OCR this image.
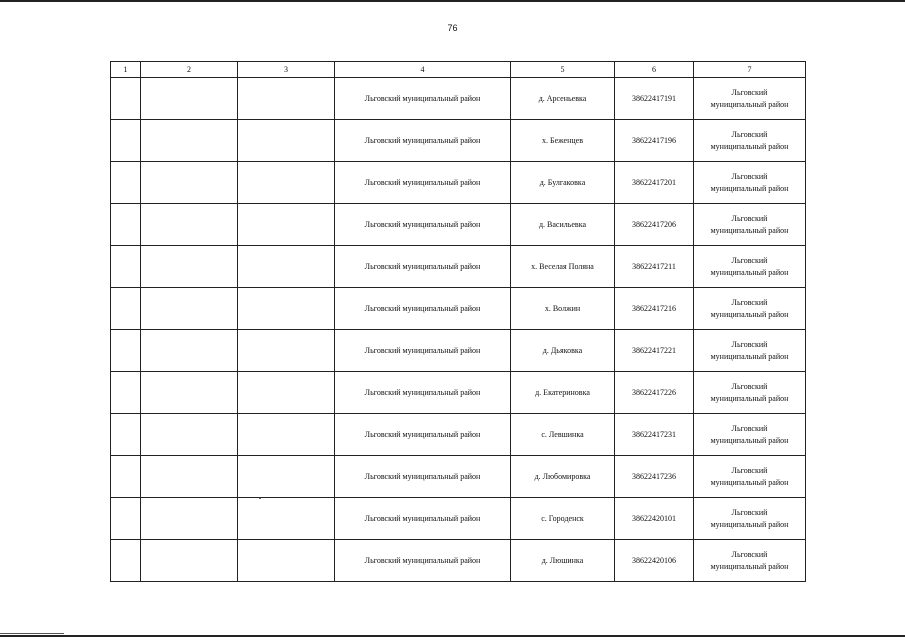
76
1	2	3	4	5	6	7
			Льговский муниципальный район	д. Арсеньевка	38622417191	Льговский
муниципальный район

			Льговский муниципальный район	х. Беженцев	38622417196	Льговский
муниципальный район

			Льговский муниципальный район	д. Булгаковка	38622417201	Льговский
муниципальный район

			Льговский муниципальный район	д. Васильевка	38622417206	Льговский
муниципальный район

			Льговский муниципальный район	х. Веселая Поляна	38622417211	Льговский
муниципальный район

			Льговский муниципальный район	х. Волжин	38622417216	Льговский
муниципальный район

			Льговский муниципальный район	д. Дьяковка	38622417221	Льговский
муниципальный район

			Льговский муниципальный район	д. Екатериновка	38622417226	Льговский
муниципальный район

			Льговский муниципальный район	с. Левшинка	38622417231	Льговский
муниципальный район

			Льговский муниципальный район	д. Любомировка	38622417236	Льговский
муниципальный район

			Льговский муниципальный район	с. Городенск	38622420101	Льговский
муниципальный район

			Льговский муниципальный район	д. Люшинка	38622420106	Льговский
муниципальный район
